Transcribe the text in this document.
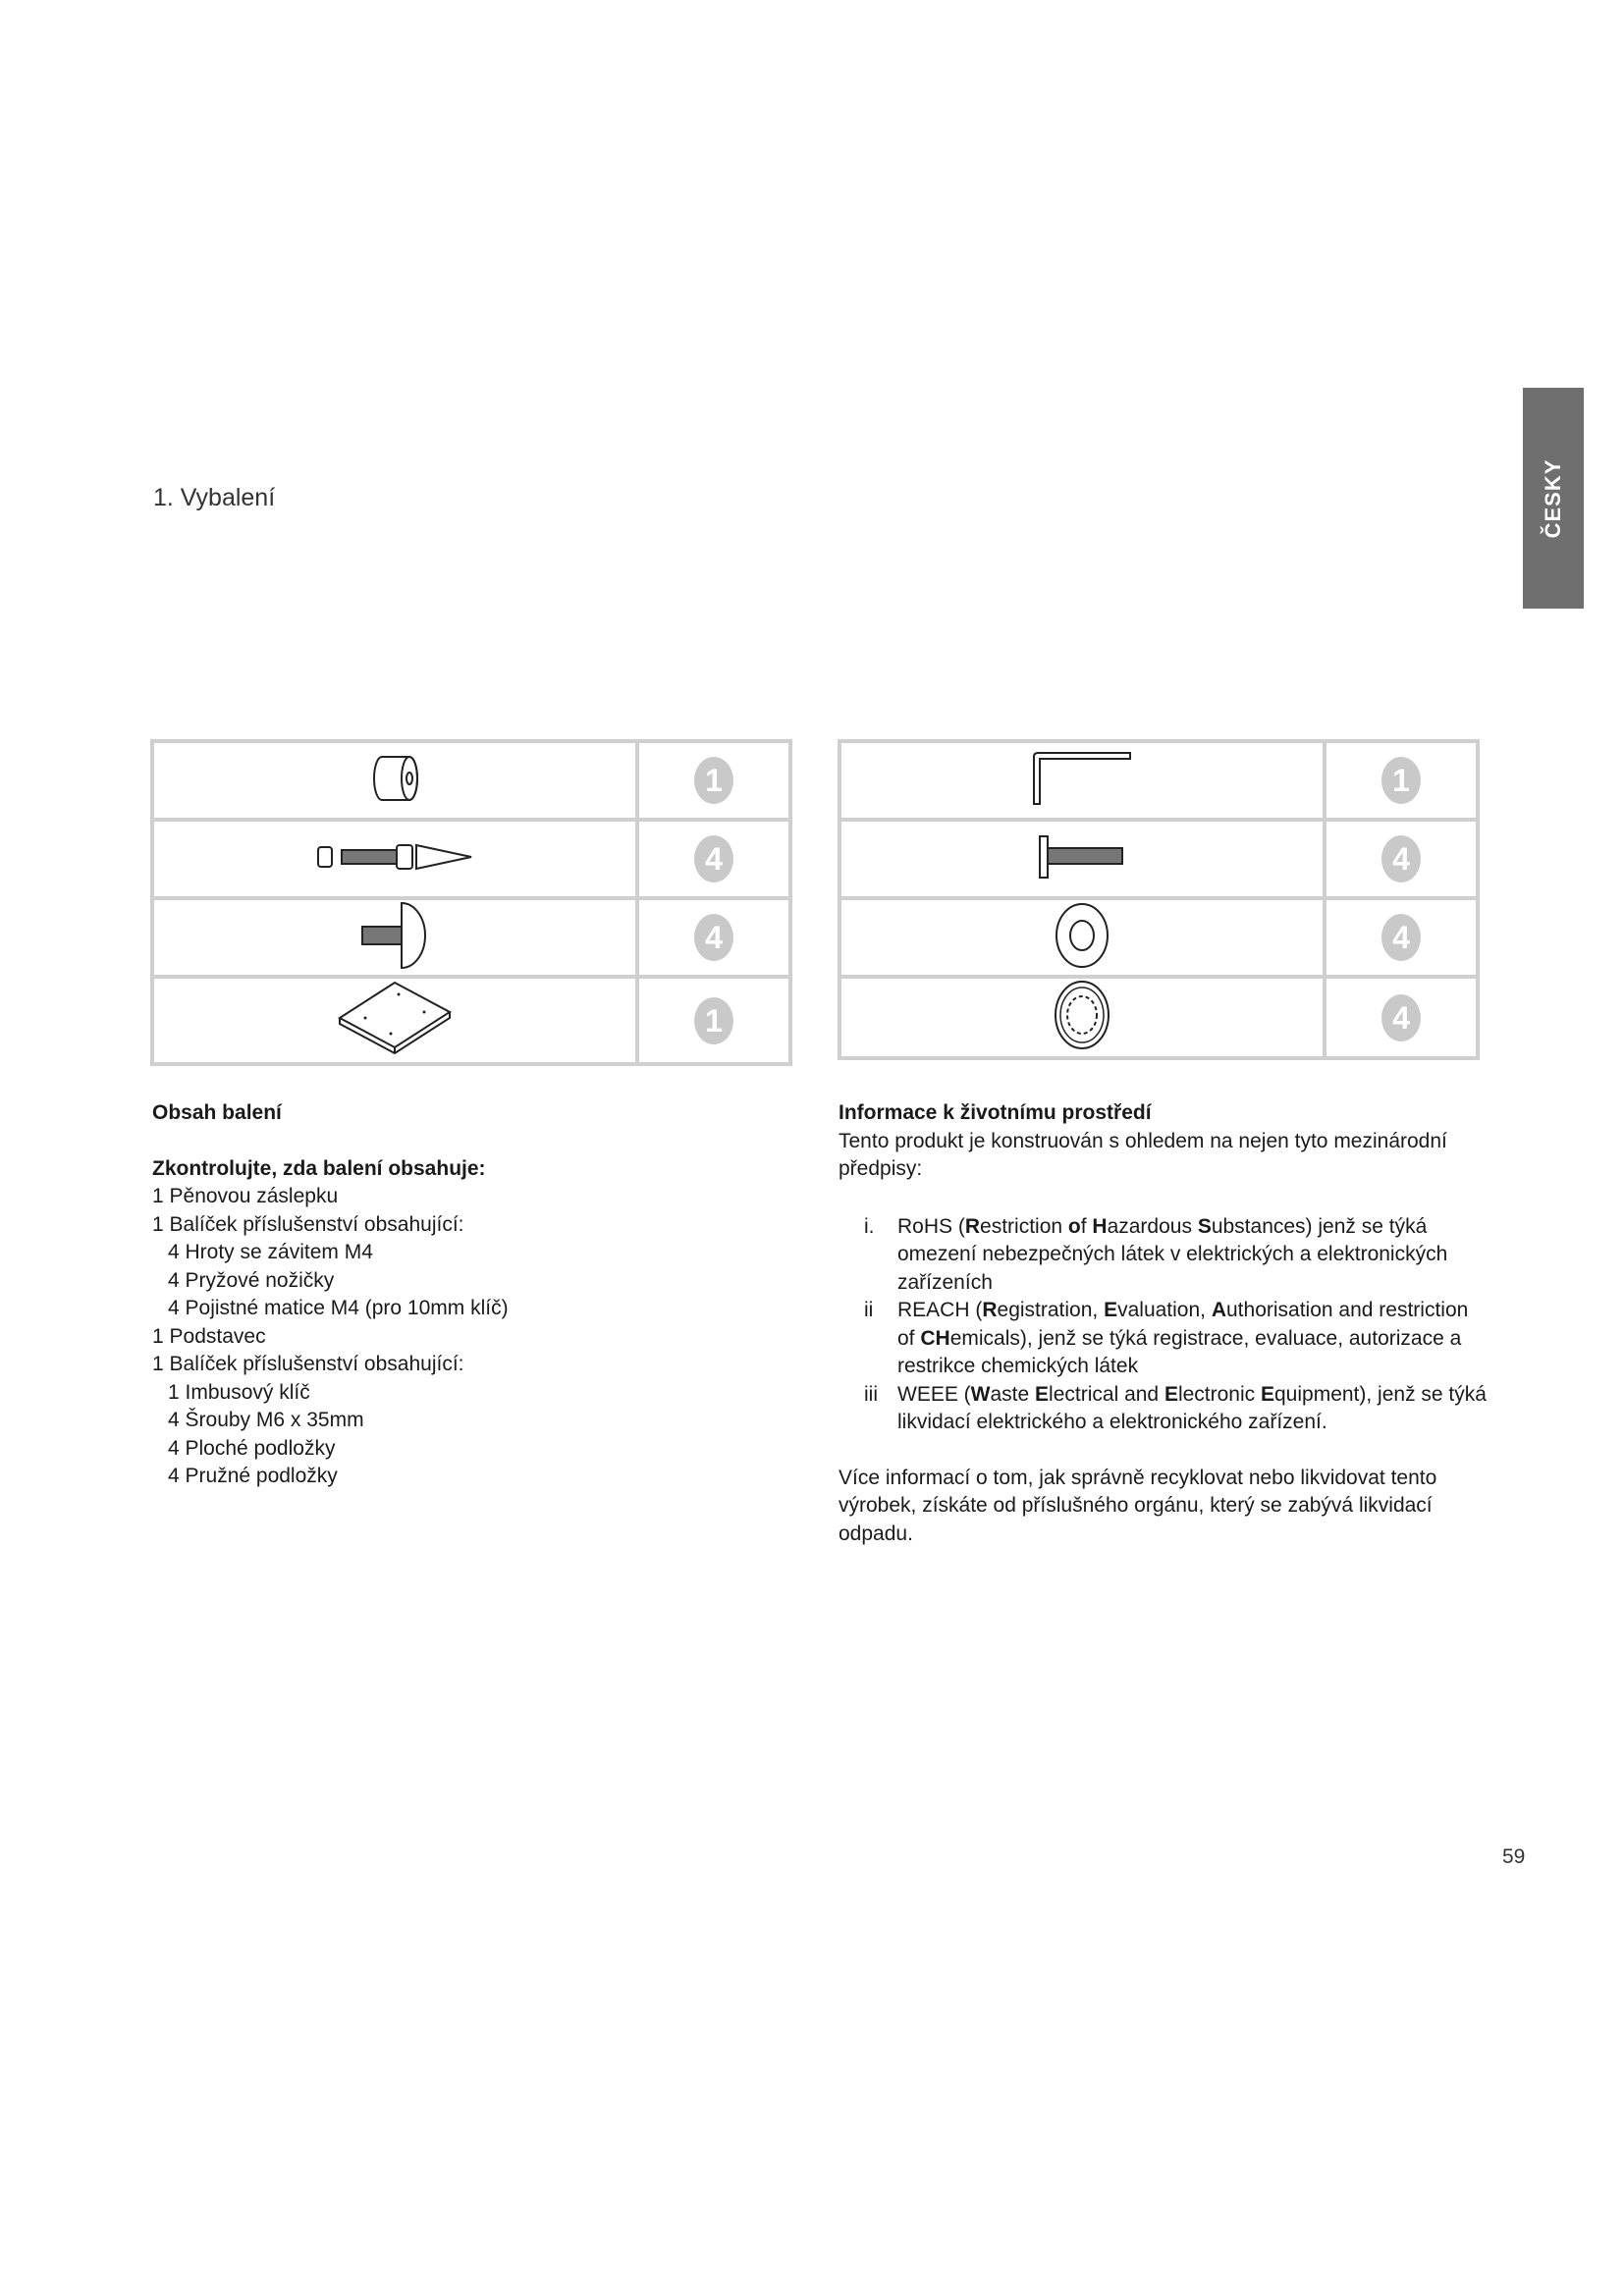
1. Vybalení	ČESKY
	1
	4
	4
	1
	1
	4
	4
	4
Obsah balení
Zkontrolujte, zda balení obsahuje:
1 Pěnovou záslepku
1 Balíček příslušenství obsahující:
4 Hroty se závitem M4
4 Pryžové nožičky
4 Pojistné matice M4 (pro 10mm klíč)
1 Podstavec
1 Balíček příslušenství obsahující:
1 Imbusový klíč
4 Šrouby M6 x 35mm
4 Ploché podložky
4 Pružné podložky
Informace k životnímu prostředí
Tento produkt je konstruován s ohledem na nejen tyto mezinárodní předpisy:
i. RoHS (Restriction of Hazardous Substances) jenž se týká omezení nebezpečných látek v elektrických a elektronických zařízeních
ii REACH (Registration, Evaluation, Authorisation and restriction of CHemicals), jenž se týká registrace, evaluace, autorizace a restrikce chemických látek
iii WEEE (Waste Electrical and Electronic Equipment), jenž se týká likvidací elektrického a elektronického zařízení.
Více informací o tom, jak správně recyklovat nebo likvidovat tento výrobek, získáte od příslušného orgánu, který se zabývá likvidací odpadu.
59
